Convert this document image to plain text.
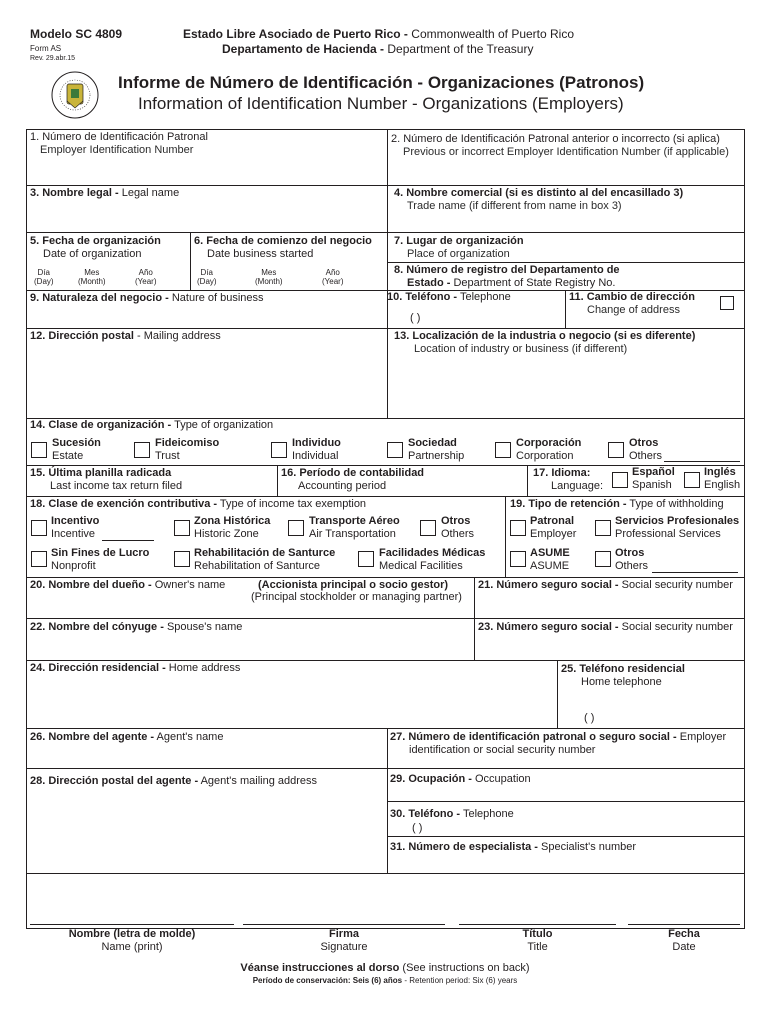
Modelo SC 4809
Form AS
Rev. 29.abr.15
Estado Libre Asociado de Puerto Rico - Commonwealth of Puerto Rico
Departamento de Hacienda - Department of the Treasury
Informe de Número de Identificación - Organizaciones (Patronos)
Information of Identification Number - Organizations (Employers)
1. Número de Identificación Patronal
Employer Identification Number
2. Número de Identificación Patronal anterior o incorrecto (si aplica)
Previous or incorrect Employer Identification Number (if applicable)
3. Nombre legal - Legal name	4. Nombre comercial (si es distinto al del encasillado 3)
Trade name (if different from name in box 3)
5. Fecha de organización
Date of organization
Día
(Day)
Mes
(Month)
Año
(Year)
6. Fecha de comienzo del negocio
Date business started
Día
(Day)
Mes
(Month)
Año
(Year)
7. Lugar de organización
Place of organization
8. Número de registro del Departamento de
Estado - Department of State Registry No.
9. Naturaleza del negocio - Nature of business	10. Teléfono - Telephone
( )
11. Cambio de dirección
Change of address
12. Dirección postal - Mailing address	13. Localización de la industria o negocio (si es diferente)
Location of industry or business (if different)
14. Clase de organización - Type of organization
Sucesión
Estate
Fideicomiso
Trust
Individuo
Individual
Sociedad
Partnership
Corporación
Corporation
Otros
Others
15. Última planilla radicada
Last income tax return filed
16. Período de contabilidad
Accounting period
17. Idioma:
Language:
Español
Spanish
Inglés
English
18. Clase de exención contributiva - Type of income tax exemption
Incentivo
Incentive
Zona Histórica
Historic Zone
Transporte Aéreo
Air Transportation
Otros
Others
Sin Fines de Lucro
Nonprofit
Rehabilitación de Santurce
Rehabilitation of Santurce
Facilidades Médicas
Medical Facilities
19. Tipo de retención - Type of withholding
Patronal
Employer
Servicios Profesionales
Professional Services
ASUME
ASUME
Otros
Others
20. Nombre del dueño - Owner's name	(Accionista principal o socio gestor)
(Principal stockholder or managing partner)
21. Número seguro social - Social security number
22. Nombre del cónyuge - Spouse's name	23. Número seguro social - Social security number
24. Dirección residencial - Home address	25. Teléfono residencial
Home telephone
( )
26. Nombre del agente - Agent's name	27. Número de identificación patronal o seguro social - Employer
identification or social security number
28. Dirección postal del agente - Agent's mailing address	29. Ocupación - Occupation
30. Teléfono - Telephone
( )
31. Número de especialista - Specialist's number
Nombre (letra de molde)
Name (print)
Firma
Signature
Título
Title
Fecha
Date
Véanse instrucciones al dorso (See instructions on back)
Período de conservación: Seis (6) años - Retention period: Six (6) years
